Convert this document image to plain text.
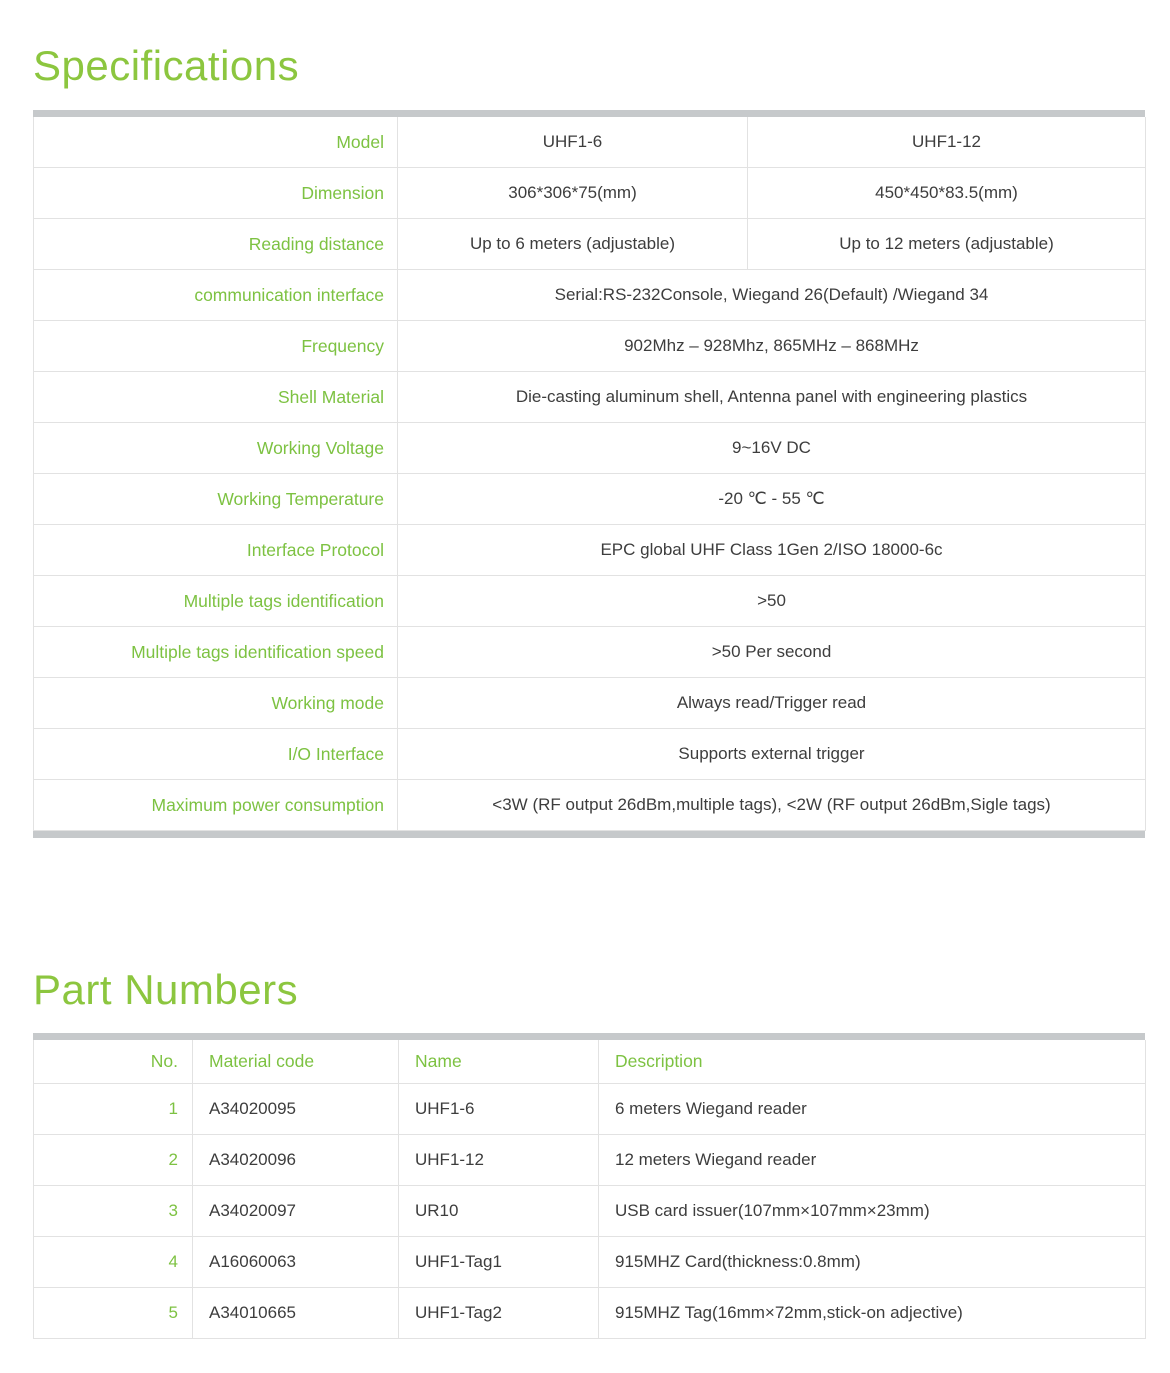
Specifications
Model	UHF1-6	UHF1-12
Dimension	306*306*75(mm)	450*450*83.5(mm)
Reading distance	Up to 6 meters (adjustable)	Up to 12 meters (adjustable)
communication interface	Serial:RS-232Console, Wiegand 26(Default) /Wiegand 34	
Frequency	902Mhz – 928Mhz, 865MHz – 868MHz	
Shell Material	Die-casting aluminum shell, Antenna panel with engineering plastics	
Working Voltage	9~16V DC	
Working Temperature	-20 ℃ - 55 ℃	
Interface Protocol	EPC global UHF Class 1Gen 2/ISO 18000-6c	
Multiple tags identification	>50	
Multiple tags identification speed	>50 Per second	
Working mode	Always read/Trigger read	
I/O Interface	Supports external trigger	
Maximum power consumption	<3W (RF output 26dBm,multiple tags), <2W (RF output 26dBm,Sigle tags)	
Part Numbers
No.	Material code	Name	Description
1	A34020095	UHF1-6	6 meters Wiegand reader
2	A34020096	UHF1-12	12 meters Wiegand reader
3	A34020097	UR10	USB card issuer(107mm×107mm×23mm)
4	A16060063	UHF1-Tag1	915MHZ Card(thickness:0.8mm)
5	A34010665	UHF1-Tag2	915MHZ Tag(16mm×72mm,stick-on adjective)
